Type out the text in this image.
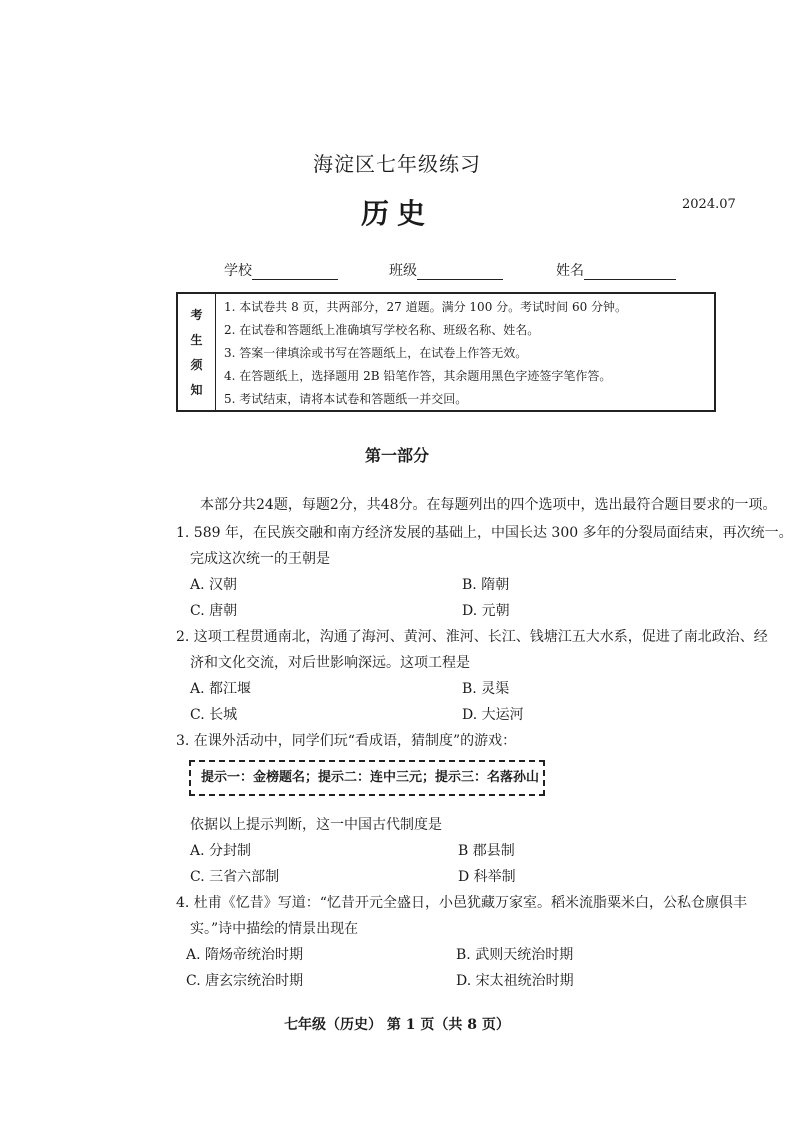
海淀区七年级练习
历史	2024.07
学校	班级	姓名
考
生
须
知
1. 本试卷共 8 页，共两部分，27 道题。满分 100 分。考试时间 60 分钟。
2. 在试卷和答题纸上准确填写学校名称、班级名称、姓名。
3. 答案一律填涂或书写在答题纸上，在试卷上作答无效。
4. 在答题纸上，选择题用 2B 铅笔作答，其余题用黑色字迹签字笔作答。
5. 考试结束，请将本试卷和答题纸一并交回。
第一部分
本部分共24题，每题2分，共48分。在每题列出的四个选项中，选出最符合题目要求的一项。
1. 589 年，在民族交融和南方经济发展的基础上，中国长达 300 多年的分裂局面结束，再次统一。
完成这次统一的王朝是
A. 汉朝	B. 隋朝
C. 唐朝	D. 元朝
2. 这项工程贯通南北，沟通了海河、黄河、淮河、长江、钱塘江五大水系，促进了南北政治、经
济和文化交流，对后世影响深远。这项工程是
A. 都江堰	B. 灵渠
C. 长城	D. 大运河
3. 在课外活动中，同学们玩“看成语，猜制度”的游戏：
提示一：金榜题名；提示二：连中三元；提示三：名落孙山
依据以上提示判断，这一中国古代制度是
A. 分封制	B 郡县制
C. 三省六部制	D 科举制
4. 杜甫《忆昔》写道：“忆昔开元全盛日，小邑犹藏万家室。稻米流脂粟米白，公私仓廪俱丰
实。”诗中描绘的情景出现在
A. 隋炀帝统治时期	B. 武则天统治时期
C. 唐玄宗统治时期	D. 宋太祖统治时期
七年级（历史） 第 1 页（共 8 页）
